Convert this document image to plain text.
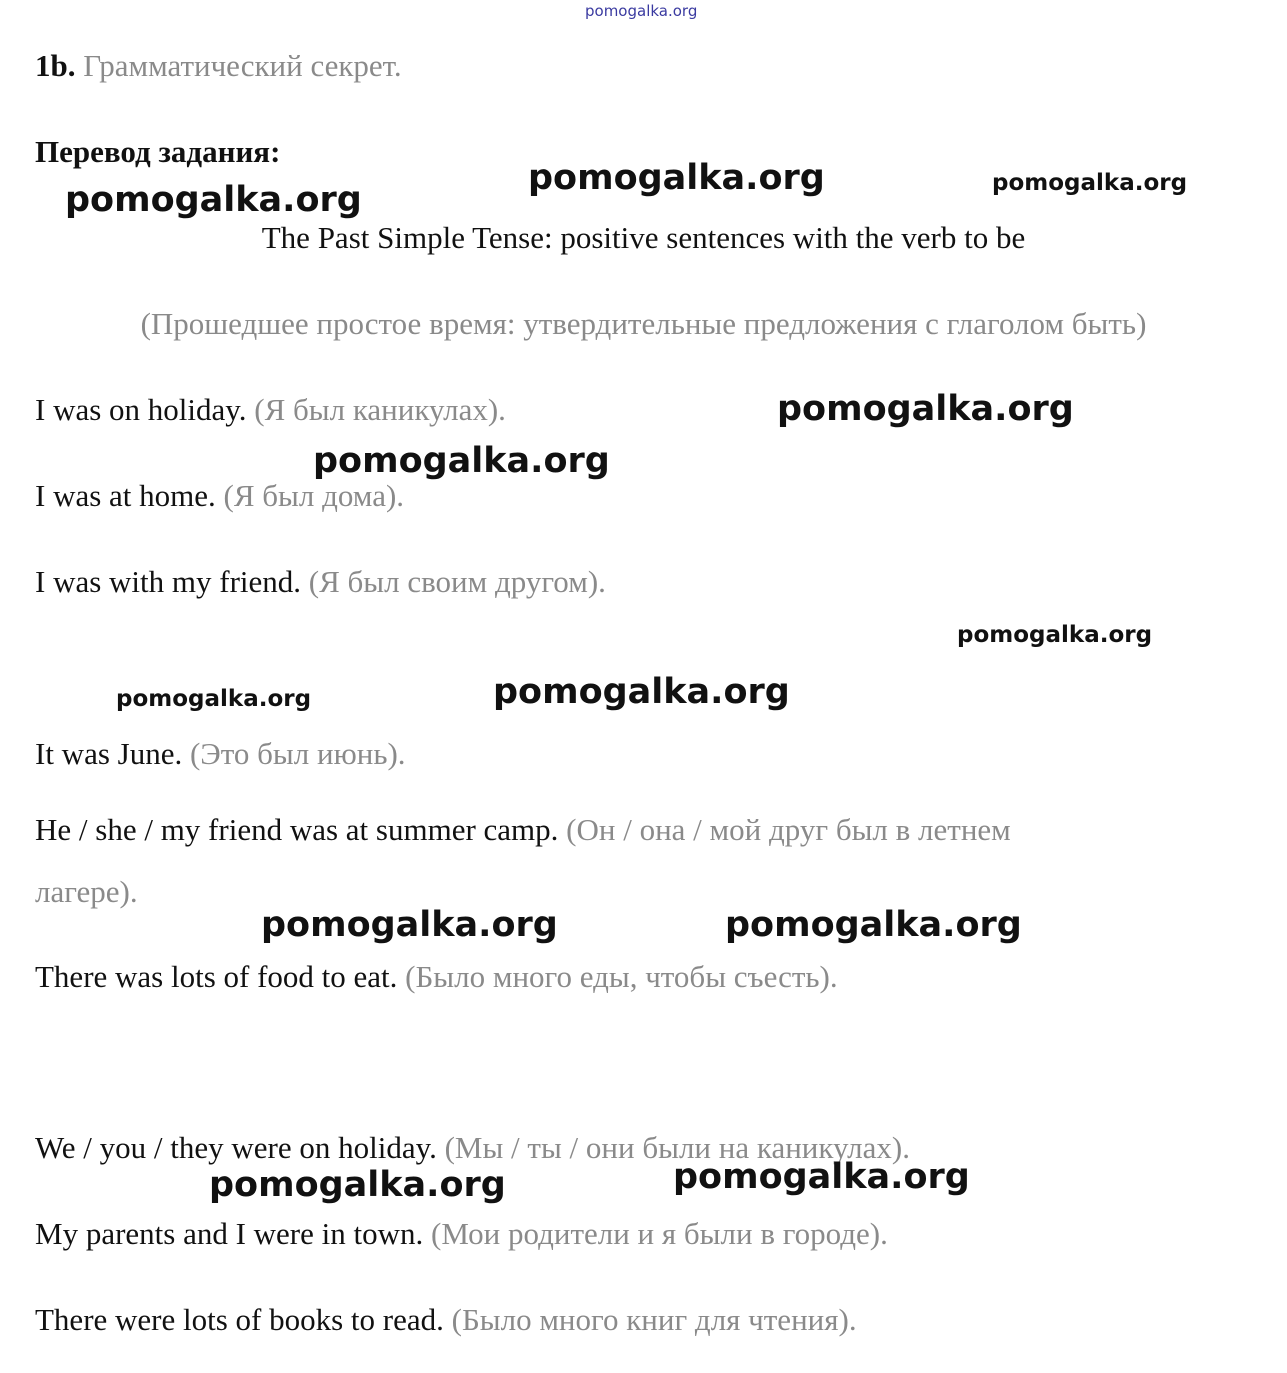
pomogalka.org
1b. Грамматический секрет.
Перевод задания:
The Past Simple Tense: positive sentences with the verb to be
(Прошедшее простое время: утвердительные предложения с глаголом быть)
I was on holiday. (Я был каникулах).
I was at home. (Я был дома).
I was with my friend. (Я был своим другом).
It was June. (Это был июнь).
He / she / my friend was at summer camp. (Он / она / мой друг был в летнем
лагере).
There was lots of food to eat. (Было много еды, чтобы съесть).
We / you / they were on holiday. (Мы / ты / они были на каникулах).
My parents and I were in town. (Мои родители и я были в городе).
There were lots of books to read. (Было много книг для чтения).
pomogalka.org
pomogalka.org	pomogalka.org
pomogalka.org
pomogalka.org
pomogalka.org
pomogalka.org	pomogalka.org
pomogalka.org	pomogalka.org
pomogalka.org	pomogalka.org
